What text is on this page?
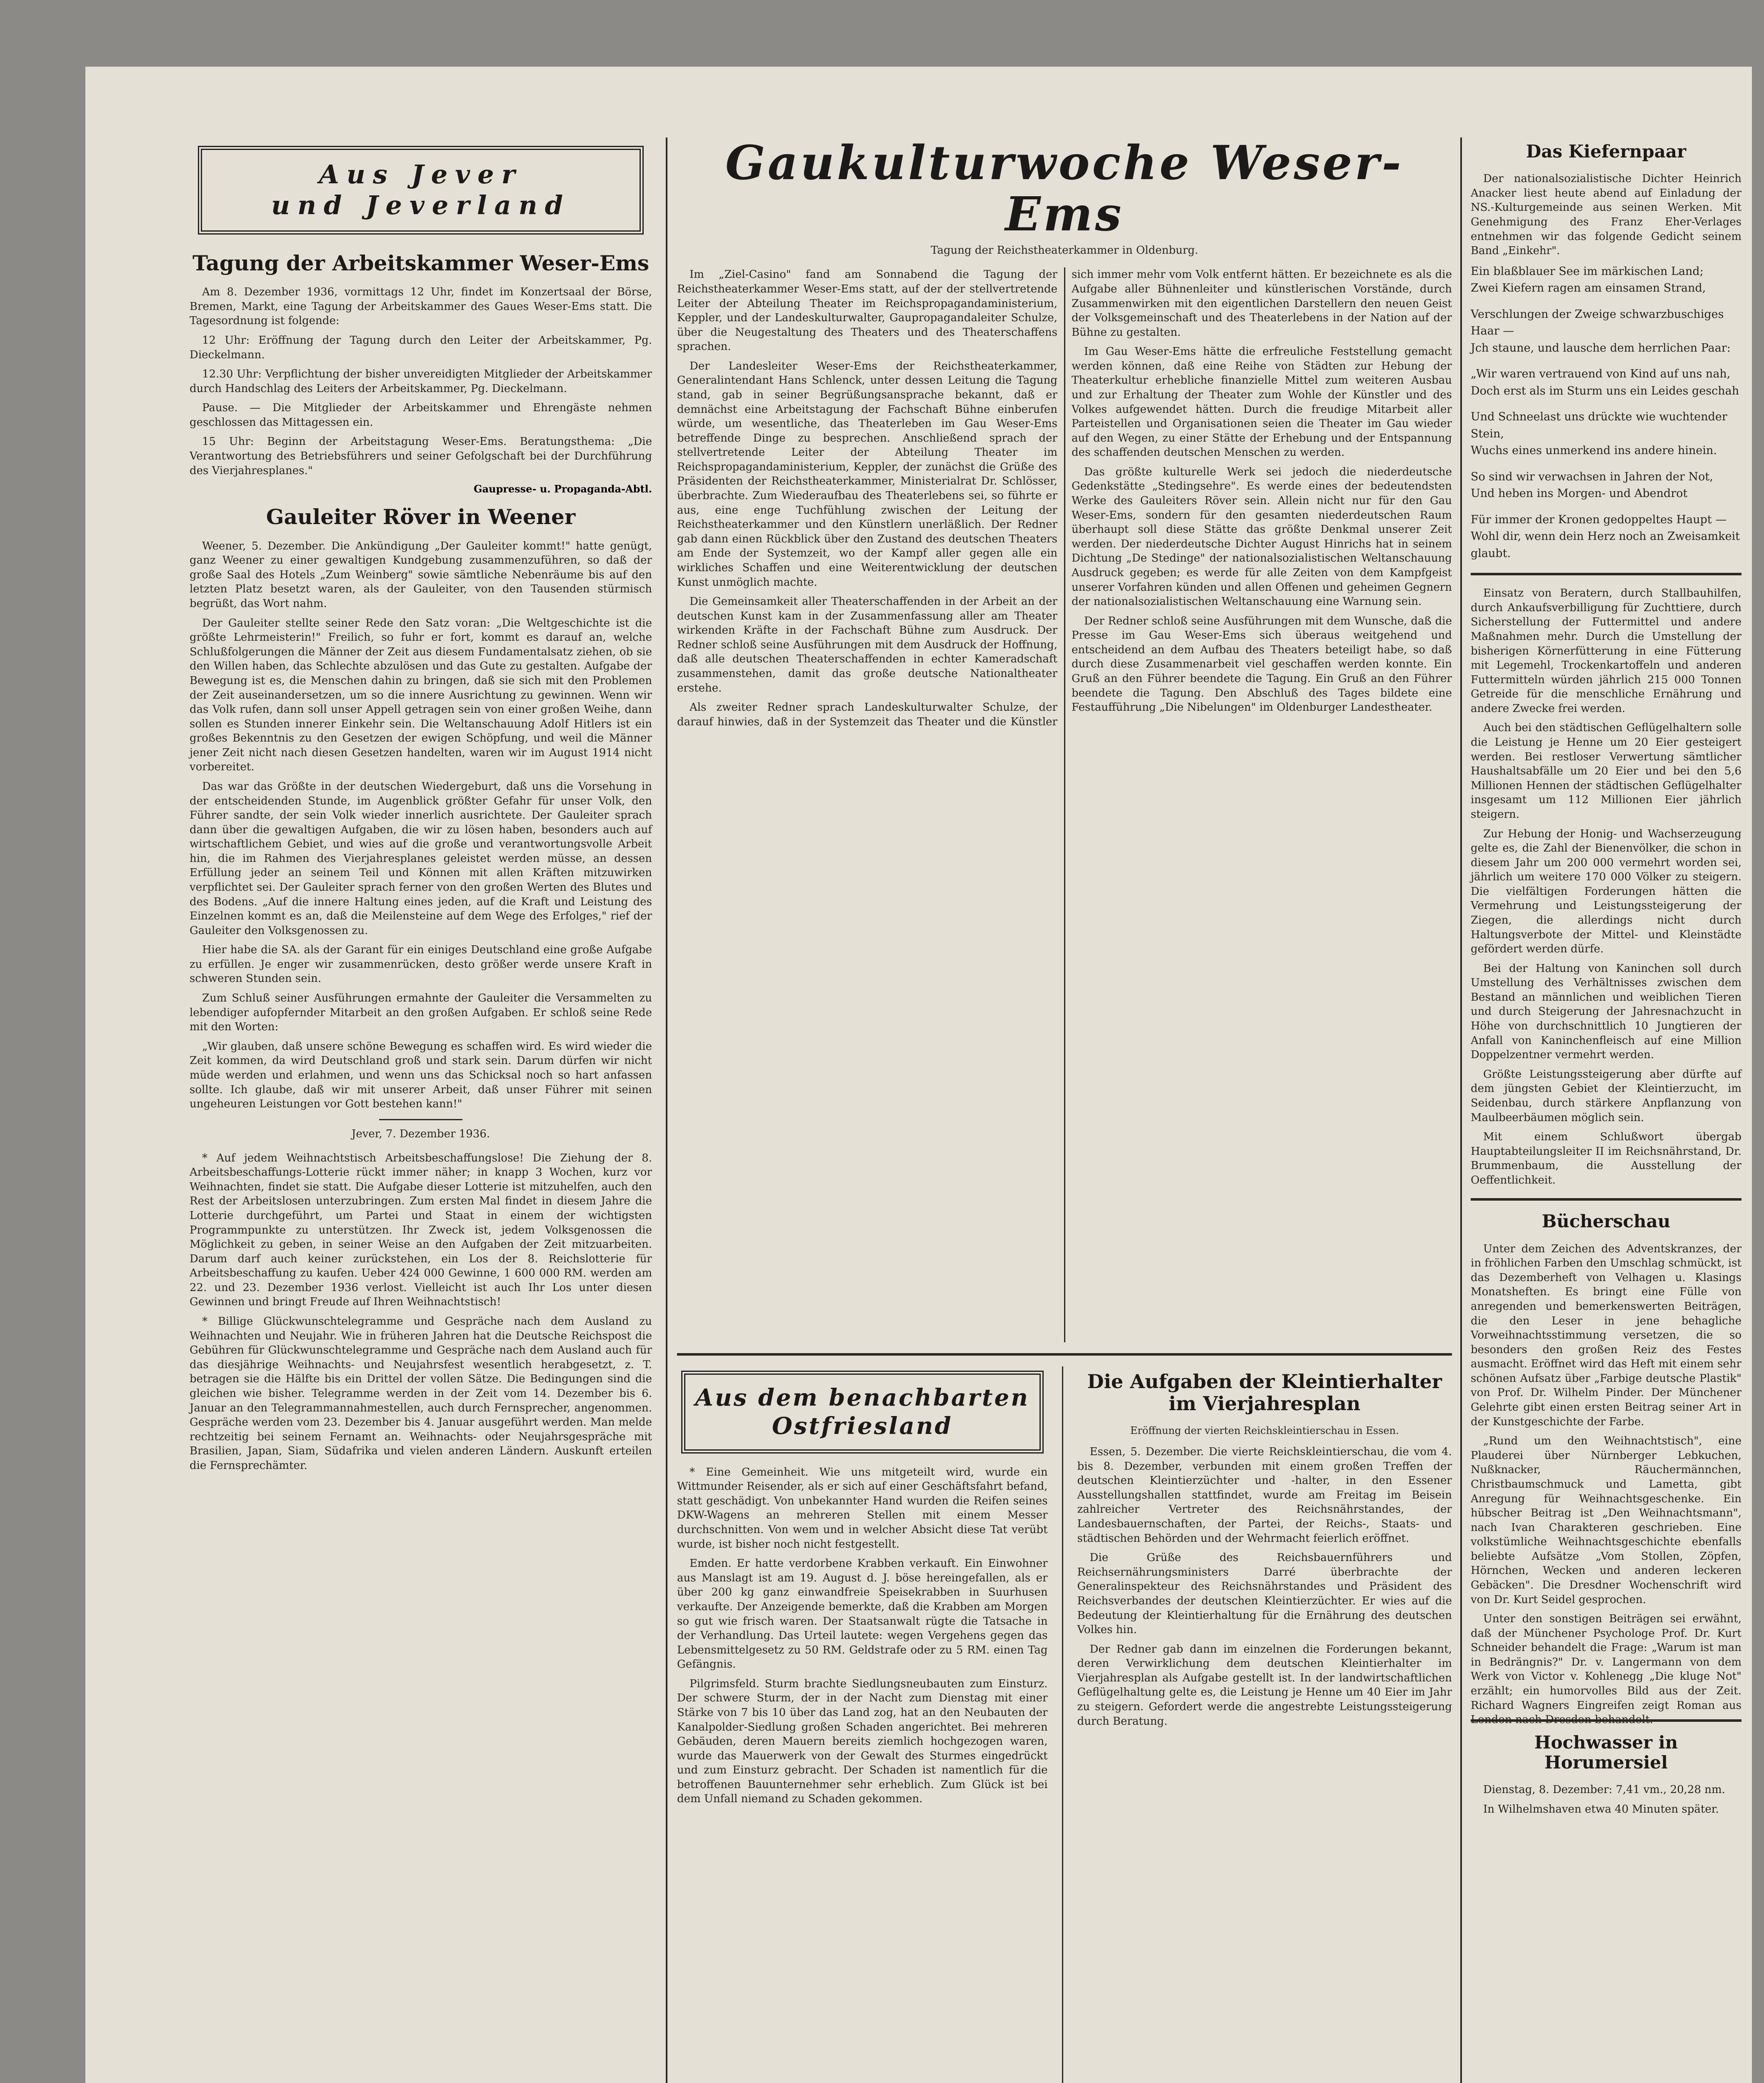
Aus Jever
und Jeverland
Tagung der Arbeitskammer Weser-Ems

Am 8. Dezember 1936, vormittags 12 Uhr, findet im Konzertsaal der Börse, Bremen, Markt, eine Tagung der Arbeitskammer des Gaues Weser-Ems statt. Die Tagesordnung ist folgende:

12 Uhr: Eröffnung der Tagung durch den Leiter der Arbeitskammer, Pg. Dieckelmann.

12.30 Uhr: Verpflichtung der bisher unvereidigten Mitglieder der Arbeitskammer durch Handschlag des Leiters der Arbeitskammer, Pg. Dieckelmann.

Pause. — Die Mitglieder der Arbeitskammer und Ehrengäste nehmen geschlossen das Mittagessen ein.

15 Uhr: Beginn der Arbeitstagung Weser-Ems. Beratungsthema: „Die Verantwortung des Betriebsführers und seiner Gefolgschaft bei der Durchführung des Vierjahresplanes."

Gaupresse- u. Propaganda-Abtl.
Gauleiter Röver in Weener

Weener, 5. Dezember. Die Ankündigung „Der Gauleiter kommt!" hatte genügt, ganz Weener zu einer gewaltigen Kundgebung zusammenzuführen, so daß der große Saal des Hotels „Zum Weinberg" sowie sämtliche Nebenräume bis auf den letzten Platz besetzt waren, als der Gauleiter, von den Tausenden stürmisch begrüßt, das Wort nahm.

Der Gauleiter stellte seiner Rede den Satz voran: „Die Weltgeschichte ist die größte Lehrmeisterin!" Freilich, so fuhr er fort, kommt es darauf an, welche Schlußfolgerungen die Männer der Zeit aus diesem Fundamentalsatz ziehen, ob sie den Willen haben, das Schlechte abzulösen und das Gute zu gestalten. Aufgabe der Bewegung ist es, die Menschen dahin zu bringen, daß sie sich mit den Problemen der Zeit auseinandersetzen, um so die innere Ausrichtung zu gewinnen. Wenn wir das Volk rufen, dann soll unser Appell getragen sein von einer großen Weihe, dann sollen es Stunden innerer Einkehr sein. Die Weltanschauung Adolf Hitlers ist ein großes Bekenntnis zu den Gesetzen der ewigen Schöpfung, und weil die Männer jener Zeit nicht nach diesen Gesetzen handelten, waren wir im August 1914 nicht vorbereitet.

Das war das Größte in der deutschen Wiedergeburt, daß uns die Vorsehung in der entscheidenden Stunde, im Augenblick größter Gefahr für unser Volk, den Führer sandte, der sein Volk wieder innerlich ausrichtete. Der Gauleiter sprach dann über die gewaltigen Aufgaben, die wir zu lösen haben, besonders auch auf wirtschaftlichem Gebiet, und wies auf die große und verantwortungsvolle Arbeit hin, die im Rahmen des Vierjahresplanes geleistet werden müsse, an dessen Erfüllung jeder an seinem Teil und Können mit allen Kräften mitzuwirken verpflichtet sei. Der Gauleiter sprach ferner von den großen Werten des Blutes und des Bodens. „Auf die innere Haltung eines jeden, auf die Kraft und Leistung des Einzelnen kommt es an, daß die Meilensteine auf dem Wege des Erfolges," rief der Gauleiter den Volksgenossen zu.

Hier habe die SA. als der Garant für ein einiges Deutschland eine große Aufgabe zu erfüllen. Je enger wir zusammenrücken, desto größer werde unsere Kraft in schweren Stunden sein.

Zum Schluß seiner Ausführungen ermahnte der Gauleiter die Versammelten zu lebendiger aufopfernder Mitarbeit an den großen Aufgaben. Er schloß seine Rede mit den Worten:

„Wir glauben, daß unsere schöne Bewegung es schaffen wird. Es wird wieder die Zeit kommen, da wird Deutschland groß und stark sein. Darum dürfen wir nicht müde werden und erlahmen, und wenn uns das Schicksal noch so hart anfassen sollte. Ich glaube, daß wir mit unserer Arbeit, daß unser Führer mit seinen ungeheuren Leistungen vor Gott bestehen kann!"

Jever, 7. Dezember 1936.

* Auf jedem Weihnachtstisch Arbeitsbeschaffungslose! Die Ziehung der 8. Arbeitsbeschaffungs-Lotterie rückt immer näher; in knapp 3 Wochen, kurz vor Weihnachten, findet sie statt. Die Aufgabe dieser Lotterie ist mitzuhelfen, auch den Rest der Arbeitslosen unterzubringen. Zum ersten Mal findet in diesem Jahre die Lotterie durchgeführt, um Partei und Staat in einem der wichtigsten Programmpunkte zu unterstützen. Ihr Zweck ist, jedem Volksgenossen die Möglichkeit zu geben, in seiner Weise an den Aufgaben der Zeit mitzuarbeiten. Darum darf auch keiner zurückstehen, ein Los der 8. Reichslotterie für Arbeitsbeschaffung zu kaufen. Ueber 424 000 Gewinne, 1 600 000 RM. werden am 22. und 23. Dezember 1936 verlost. Vielleicht ist auch Ihr Los unter diesen Gewinnen und bringt Freude auf Ihren Weihnachtstisch!

* Billige Glückwunschtelegramme und Gespräche nach dem Ausland zu Weihnachten und Neujahr. Wie in früheren Jahren hat die Deutsche Reichspost die Gebühren für Glückwunschtelegramme und Gespräche nach dem Ausland auch für das diesjährige Weihnachts- und Neujahrsfest wesentlich herabgesetzt, z. T. betragen sie die Hälfte bis ein Drittel der vollen Sätze. Die Bedingungen sind die gleichen wie bisher. Telegramme werden in der Zeit vom 14. Dezember bis 6. Januar an den Telegrammannahmestellen, auch durch Fernsprecher, angenommen. Gespräche werden vom 23. Dezember bis 4. Januar ausgeführt werden. Man melde rechtzeitig bei seinem Fernamt an. Weihnachts- oder Neujahrsgespräche mit Brasilien, Japan, Siam, Südafrika und vielen anderen Ländern. Auskunft erteilen die Fernsprechämter.

Gaukulturwoche Weser-Ems
Tagung der Reichstheaterkammer in Oldenburg.

Im „Ziel-Casino" fand am Sonnabend die Tagung der Reichstheaterkammer Weser-Ems statt, auf der der stellvertretende Leiter der Abteilung Theater im Reichspropagandaministerium, Keppler, und der Landeskulturwalter, Gaupropagandaleiter Schulze, über die Neugestaltung des Theaters und des Theaterschaffens sprachen.

Der Landesleiter Weser-Ems der Reichstheaterkammer, Generalintendant Hans Schlenck, unter dessen Leitung die Tagung stand, gab in seiner Begrüßungsansprache bekannt, daß er demnächst eine Arbeitstagung der Fachschaft Bühne einberufen würde, um wesentliche, das Theaterleben im Gau Weser-Ems betreffende Dinge zu besprechen. Anschließend sprach der stellvertretende Leiter der Abteilung Theater im Reichspropagandaministerium, Keppler, der zunächst die Grüße des Präsidenten der Reichstheaterkammer, Ministerialrat Dr. Schlösser, überbrachte. Zum Wiederaufbau des Theaterlebens sei, so führte er aus, eine enge Tuchfühlung zwischen der Leitung der Reichstheaterkammer und den Künstlern unerläßlich. Der Redner gab dann einen Rückblick über den Zustand des deutschen Theaters am Ende der Systemzeit, wo der Kampf aller gegen alle ein wirkliches Schaffen und eine Weiterentwicklung der deutschen Kunst unmöglich machte.

Die Gemeinsamkeit aller Theaterschaffenden in der Arbeit an der deutschen Kunst kam in der Zusammenfassung aller am Theater wirkenden Kräfte in der Fachschaft Bühne zum Ausdruck. Der Redner schloß seine Ausführungen mit dem Ausdruck der Hoffnung, daß alle deutschen Theaterschaffenden in echter Kameradschaft zusammenstehen, damit das große deutsche Nationaltheater erstehe.

Als zweiter Redner sprach Landeskulturwalter Schulze, der darauf hinwies, daß in der Systemzeit das Theater und die Künstler sich immer mehr vom Volk entfernt hätten. Er bezeichnete es als die Aufgabe aller Bühnenleiter und künstlerischen Vorstände, durch Zusammenwirken mit den eigentlichen Darstellern den neuen Geist der Volksgemeinschaft und des Theaterlebens in der Nation auf der Bühne zu gestalten.

Im Gau Weser-Ems hätte die erfreuliche Feststellung gemacht werden können, daß eine Reihe von Städten zur Hebung der Theaterkultur erhebliche finanzielle Mittel zum weiteren Ausbau und zur Erhaltung der Theater zum Wohle der Künstler und des Volkes aufgewendet hätten. Durch die freudige Mitarbeit aller Parteistellen und Organisationen seien die Theater im Gau wieder auf den Wegen, zu einer Stätte der Erhebung und der Entspannung des schaffenden deutschen Menschen zu werden.

Das größte kulturelle Werk sei jedoch die niederdeutsche Gedenkstätte „Stedingsehre". Es werde eines der bedeutendsten Werke des Gauleiters Röver sein. Allein nicht nur für den Gau Weser-Ems, sondern für den gesamten niederdeutschen Raum überhaupt soll diese Stätte das größte Denkmal unserer Zeit werden. Der niederdeutsche Dichter August Hinrichs hat in seinem Dichtung „De Stedinge" der nationalsozialistischen Weltanschauung Ausdruck gegeben; es werde für alle Zeiten von dem Kampfgeist unserer Vorfahren künden und allen Offenen und geheimen Gegnern der nationalsozialistischen Weltanschauung eine Warnung sein.

Der Redner schloß seine Ausführungen mit dem Wunsche, daß die Presse im Gau Weser-Ems sich überaus weitgehend und entscheidend an dem Aufbau des Theaters beteiligt habe, so daß durch diese Zusammenarbeit viel geschaffen werden konnte. Ein Gruß an den Führer beendete die Tagung. Ein Gruß an den Führer beendete die Tagung. Den Abschluß des Tages bildete eine Festaufführung „Die Nibelungen" im Oldenburger Landestheater.

Aus dem benachbarten
Ostfriesland

* Eine Gemeinheit. Wie uns mitgeteilt wird, wurde ein Wittmunder Reisender, als er sich auf einer Geschäftsfahrt befand, statt geschädigt. Von unbekannter Hand wurden die Reifen seines DKW-Wagens an mehreren Stellen mit einem Messer durchschnitten. Von wem und in welcher Absicht diese Tat verübt wurde, ist bisher noch nicht festgestellt.

Emden. Er hatte verdorbene Krabben verkauft. Ein Einwohner aus Manslagt ist am 19. August d. J. böse hereingefallen, als er über 200 kg ganz einwandfreie Speisekrabben in Suurhusen verkaufte. Der Anzeigende bemerkte, daß die Krabben am Morgen so gut wie frisch waren. Der Staatsanwalt rügte die Tatsache in der Verhandlung. Das Urteil lautete: wegen Vergehens gegen das Lebensmittelgesetz zu 50 RM. Geldstrafe oder zu 5 RM. einen Tag Gefängnis.

Pilgrimsfeld. Sturm brachte Siedlungsneubauten zum Einsturz. Der schwere Sturm, der in der Nacht zum Dienstag mit einer Stärke von 7 bis 10 über das Land zog, hat an den Neubauten der Kanalpolder-Siedlung großen Schaden angerichtet. Bei mehreren Gebäuden, deren Mauern bereits ziemlich hochgezogen waren, wurde das Mauerwerk von der Gewalt des Sturmes eingedrückt und zum Einsturz gebracht. Der Schaden ist namentlich für die betroffenen Bauunternehmer sehr erheblich. Zum Glück ist bei dem Unfall niemand zu Schaden gekommen.

Die Aufgaben der Kleintierhalter im Vierjahresplan
Eröffnung der vierten Reichskleintierschau in Essen.

Essen, 5. Dezember. Die vierte Reichskleintierschau, die vom 4. bis 8. Dezember, verbunden mit einem großen Treffen der deutschen Kleintierzüchter und -halter, in den Essener Ausstellungshallen stattfindet, wurde am Freitag im Beisein zahlreicher Vertreter des Reichsnährstandes, der Landesbauernschaften, der Partei, der Reichs-, Staats- und städtischen Behörden und der Wehrmacht feierlich eröffnet.

Die Grüße des Reichsbauernführers und Reichsernährungsministers Darré überbrachte der Generalinspekteur des Reichsnährstandes und Präsident des Reichsverbandes der deutschen Kleintierzüchter. Er wies auf die Bedeutung der Kleintierhaltung für die Ernährung des deutschen Volkes hin.

Der Redner gab dann im einzelnen die Forderungen bekannt, deren Verwirklichung dem deutschen Kleintierhalter im Vierjahresplan als Aufgabe gestellt ist. In der landwirtschaftlichen Geflügelhaltung gelte es, die Leistung je Henne um 40 Eier im Jahr zu steigern. Gefordert werde die angestrebte Leistungssteigerung durch Beratung.

Das Kiefernpaar

Der nationalsozialistische Dichter Heinrich Anacker liest heute abend auf Einladung der NS.-Kulturgemeinde aus seinen Werken. Mit Genehmigung des Franz Eher-Verlages entnehmen wir das folgende Gedicht seinem Band „Einkehr".

Ein blaßblauer See im märkischen Land;
Zwei Kiefern ragen am einsamen Strand,

Verschlungen der Zweige schwarzbuschiges Haar —
Jch staune, und lausche dem herrlichen Paar:

„Wir waren vertrauend von Kind auf uns nah,
Doch erst als im Sturm uns ein Leides geschah

Und Schneelast uns drückte wie wuchtender Stein,
Wuchs eines unmerkend ins andere hinein.

So sind wir verwachsen in Jahren der Not,
Und heben ins Morgen- und Abendrot

Für immer der Kronen gedoppeltes Haupt —
Wohl dir, wenn dein Herz noch an Zweisamkeit glaubt.

Einsatz von Beratern, durch Stallbauhilfen, durch Ankaufsverbilligung für Zuchttiere, durch Sicherstellung der Futtermittel und andere Maßnahmen mehr. Durch die Umstellung der bisherigen Körnerfütterung in eine Fütterung mit Legemehl, Trockenkartoffeln und anderen Futtermitteln würden jährlich 215 000 Tonnen Getreide für die menschliche Ernährung und andere Zwecke frei werden.

Auch bei den städtischen Geflügelhaltern solle die Leistung je Henne um 20 Eier gesteigert werden. Bei restloser Verwertung sämtlicher Haushaltsabfälle um 20 Eier und bei den 5,6 Millionen Hennen der städtischen Geflügelhalter insgesamt um 112 Millionen Eier jährlich steigern.

Zur Hebung der Honig- und Wachserzeugung gelte es, die Zahl der Bienenvölker, die schon in diesem Jahr um 200 000 vermehrt worden sei, jährlich um weitere 170 000 Völker zu steigern. Die vielfältigen Forderungen hätten die Vermehrung und Leistungssteigerung der Ziegen, die allerdings nicht durch Haltungsverbote der Mittel- und Kleinstädte gefördert werden dürfe.

Bei der Haltung von Kaninchen soll durch Umstellung des Verhältnisses zwischen dem Bestand an männlichen und weiblichen Tieren und durch Steigerung der Jahresnachzucht in Höhe von durchschnittlich 10 Jungtieren der Anfall von Kaninchenfleisch auf eine Million Doppelzentner vermehrt werden.

Größte Leistungssteigerung aber dürfte auf dem jüngsten Gebiet der Kleintierzucht, im Seidenbau, durch stärkere Anpflanzung von Maulbeerbäumen möglich sein.

Mit einem Schlußwort übergab Hauptabteilungsleiter II im Reichsnährstand, Dr. Brummenbaum, die Ausstellung der Oeffentlichkeit.

Bücherschau

Unter dem Zeichen des Adventskranzes, der in fröhlichen Farben den Umschlag schmückt, ist das Dezemberheft von Velhagen u. Klasings Monatsheften. Es bringt eine Fülle von anregenden und bemerkenswerten Beiträgen, die den Leser in jene behagliche Vorweihnachtsstimmung versetzen, die so besonders den großen Reiz des Festes ausmacht. Eröffnet wird das Heft mit einem sehr schönen Aufsatz über „Farbige deutsche Plastik" von Prof. Dr. Wilhelm Pinder. Der Münchener Gelehrte gibt einen ersten Beitrag seiner Art in der Kunstgeschichte der Farbe.

„Rund um den Weihnachtstisch", eine Plauderei über Nürnberger Lebkuchen, Nußknacker, Räuchermännchen, Christbaumschmuck und Lametta, gibt Anregung für Weihnachtsgeschenke. Ein hübscher Beitrag ist „Den Weihnachtsmann", nach Ivan Charakteren geschrieben. Eine volkstümliche Weihnachtsgeschichte ebenfalls beliebte Aufsätze „Vom Stollen, Zöpfen, Hörnchen, Wecken und anderen leckeren Gebäcken". Die Dresdner Wochenschrift wird von Dr. Kurt Seidel gesprochen.

Unter den sonstigen Beiträgen sei erwähnt, daß der Münchener Psychologe Prof. Dr. Kurt Schneider behandelt die Frage: „Warum ist man in Bedrängnis?" Dr. v. Langermann von dem Werk von Victor v. Kohlenegg „Die kluge Not" erzählt; ein humorvolles Bild aus der Zeit. Richard Wagners Eingreifen zeigt Roman aus London nach Dresden behandelt.

Hochwasser in Horumersiel

Dienstag, 8. Dezember: 7,41 vm., 20,28 nm.

In Wilhelmshaven etwa 40 Minuten später.
